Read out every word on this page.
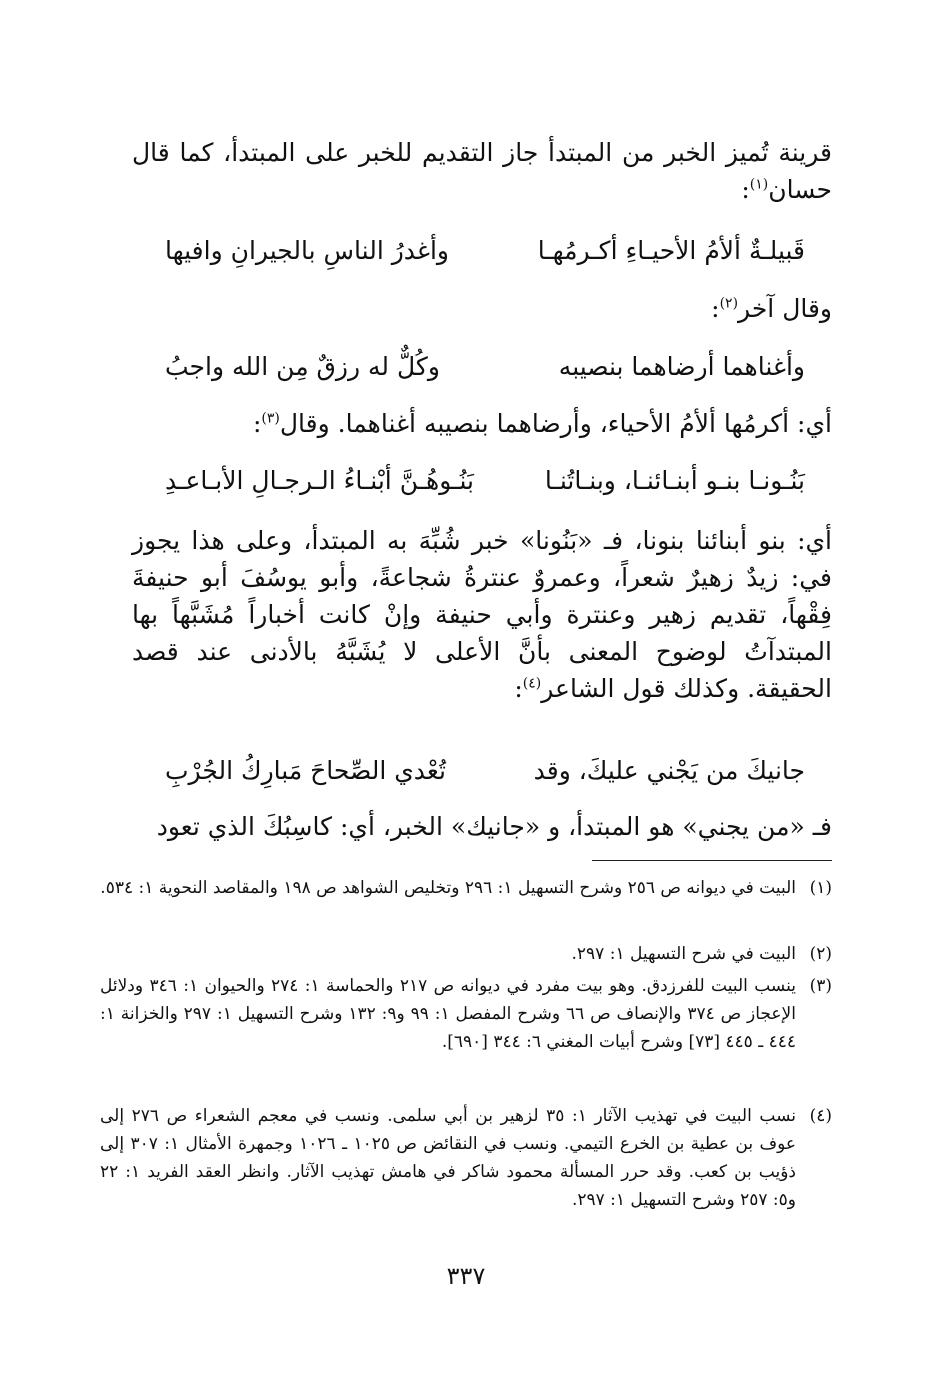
قرينة تُميز الخبر من المبتدأ جاز التقديم للخبر على المبتدأ، كما قال حسان$^{(١)}$:
قَبيلـةٌ ألأمُ الأحيـاءِ أكـرمُهـا
وأغدرُ الناسِ بالجيرانِ وافيها
وقال آخر$^{(٢)}$:
وأغناهما أرضاهما بنصيبه
وكُلٌّ له رزقٌ مِن الله واجبُ
أي: أكرمُها ألأمُ الأحياء، وأرضاهما بنصيبه أغناهما. وقال$^{(٣)}$:
بَنُـونـا بنـو أبنـائنـا، وبنـاتُنـا
بَنُـوهُـنَّ أبْنـاءُ الـرجـالِ الأبـاعـدِ
أي: بنو أبنائنا بنونا، فـ «بَنُونا» خبر شُبِّهَ به المبتدأ، وعلى هذا يجوز في: زيدٌ زهيرٌ شعراً، وعمروٌ عنترةُ شجاعةً، وأبو يوسُفَ أبو حنيفةَ فِقْهاً، تقديم زهير وعنترة وأبي حنيفة وإنْ كانت أخباراً مُشَبَّهاً بها المبتدآتُ لوضوح المعنى بأنَّ الأعلى لا يُشَبَّهُ بالأدنى عند قصد الحقيقة. وكذلك قول الشاعر$^{(٤)}$:
جانيكَ من يَجْني عليكَ، وقد
تُعْدي الصِّحاحَ مَبارِكُ الجُرْبِ
فـ «من يجني» هو المبتدأ، و «جانيك» الخبر، أي: كاسِبُكَ الذي تعود
(١)
البيت في ديوانه ص ٢٥٦ وشرح التسهيل ١: ٢٩٦ وتخليص الشواهد ص ١٩٨ والمقاصد النحوية ١: ٥٣٤.
(٢)
البيت في شرح التسهيل ١: ٢٩٧.
(٣)
ينسب البيت للفرزدق. وهو بيت مفرد في ديوانه ص ٢١٧ والحماسة ١: ٢٧٤ والحيوان ١: ٣٤٦ ودلائل الإعجاز ص ٣٧٤ والإنصاف ص ٦٦ وشرح المفصل ١: ٩٩ و٩: ١٣٢ وشرح التسهيل ١: ٢٩٧ والخزانة ١: ٤٤٤ ـ ٤٤٥ [٧٣] وشرح أبيات المغني ٦: ٣٤٤ [٦٩٠].
(٤)
نسب البيت في تهذيب الآثار ١: ٣٥ لزهير بن أبي سلمى. ونسب في معجم الشعراء ص ٢٧٦ إلى عوف بن عطية بن الخرع التيمي. ونسب في النقائض ص ١٠٢٥ ـ ١٠٢٦ وجمهرة الأمثال ١: ٣٠٧ إلى ذؤيب بن كعب. وقد حرر المسألة محمود شاكر في هامش تهذيب الآثار. وانظر العقد الفريد ١: ٢٢ و٥: ٢٥٧ وشرح التسهيل ١: ٢٩٧.
٣٣٧
